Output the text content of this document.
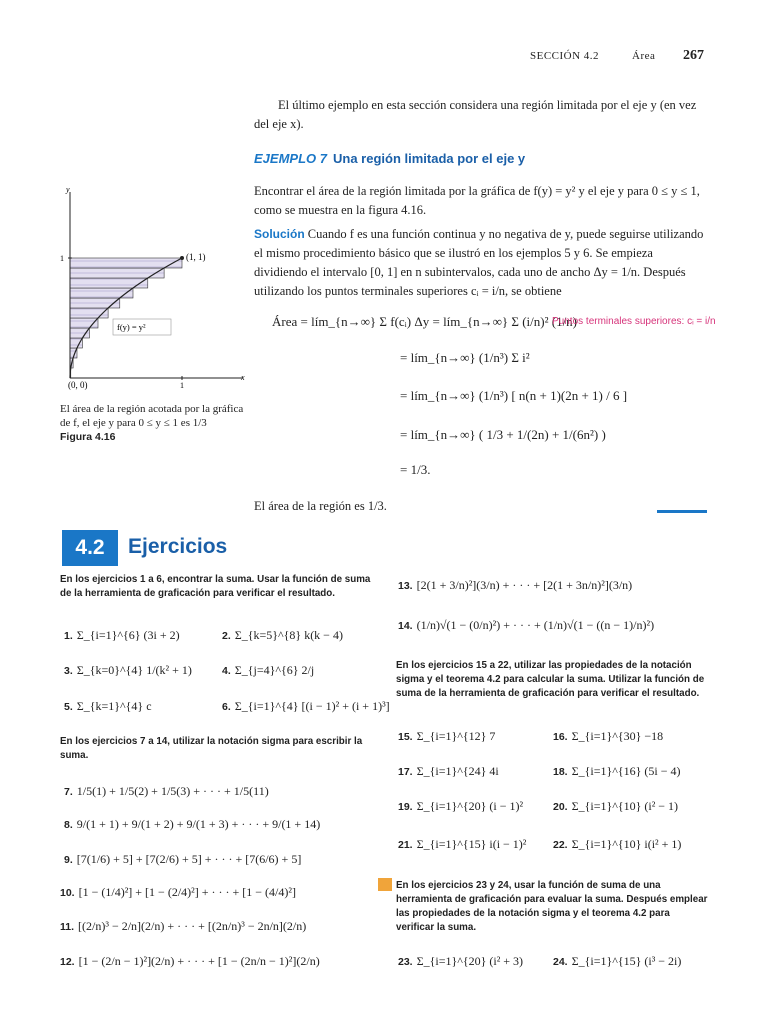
SECCIÓN 4.2	Área 267

El último ejemplo en esta sección considera una región limitada por el eje y (en vez del eje x).

EJEMPLO 7 Una región limitada por el eje y

Encontrar el área de la región limitada por la gráfica de f(y) = y² y el eje y para 0 ≤ y ≤ 1, como se muestra en la figura 4.16.

Solución Cuando f es una función continua y no negativa de y, puede seguirse utilizando el mismo procedimiento básico que se ilustró en los ejemplos 5 y 6. Se empieza dividiendo el intervalo [0, 1] en n subintervalos, cada uno de ancho Δy = 1/n. Después utilizando los puntos terminales superiores cᵢ = i/n, se obtiene
Área = lím_{n→∞} Σ f(cᵢ) Δy = lím_{n→∞} Σ (i/n)² (1/n)
Puntos terminales superiores: cᵢ = i/n
= lím_{n→∞} (1/n³) Σ i²
= lím_{n→∞} (1/n³) [ n(n + 1)(2n + 1) / 6 ]
= lím_{n→∞} ( 1/3 + 1/(2n) + 1/(6n²) )
= 1/3.
El área de la región es 1/3.
y
x
(1, 1)
(0, 0)	1
1
f(y) = y²
El área de la región acotada por la gráfica de f, el eje y para 0 ≤ y ≤ 1 es 1/3
Figura 4.16
4.2	Ejercicios

En los ejercicios 1 a 6, encontrar la suma. Usar la función de suma de la herramienta de graficación para verificar el resultado.

1. Σ_{i=1}^{6} (3i + 2)	2. Σ_{k=5}^{8} k(k − 4)
3. Σ_{k=0}^{4} 1/(k² + 1)	4. Σ_{j=4}^{6} 2/j
5. Σ_{k=1}^{4} c	6. Σ_{i=1}^{4} [(i − 1)² + (i + 1)³]

En los ejercicios 7 a 14, utilizar la notación sigma para escribir la suma.

7. 1/5(1) + 1/5(2) + 1/5(3) + · · · + 1/5(11)
8. 9/(1 + 1) + 9/(1 + 2) + 9/(1 + 3) + · · · + 9/(1 + 14)
9. [7(1/6) + 5] + [7(2/6) + 5] + · · · + [7(6/6) + 5]
10. [1 − (1/4)²] + [1 − (2/4)²] + · · · + [1 − (4/4)²]
11. [(2/n)³ − 2/n](2/n) + · · · + [(2n/n)³ − 2n/n](2/n)
12. [1 − (2/n − 1)²](2/n) + · · · + [1 − (2n/n − 1)²](2/n)
13. [2(1 + 3/n)²](3/n) + · · · + [2(1 + 3n/n)²](3/n)
14. (1/n)√(1 − (0/n)²) + · · · + (1/n)√(1 − ((n − 1)/n)²)

En los ejercicios 15 a 22, utilizar las propiedades de la notación sigma y el teorema 4.2 para calcular la suma. Utilizar la función de suma de la herramienta de graficación para verificar el resultado.

15. Σ_{i=1}^{12} 7	16. Σ_{i=1}^{30} −18
17. Σ_{i=1}^{24} 4i	18. Σ_{i=1}^{16} (5i − 4)
19. Σ_{i=1}^{20} (i − 1)²	20. Σ_{i=1}^{10} (i² − 1)
21. Σ_{i=1}^{15} i(i − 1)²	22. Σ_{i=1}^{10} i(i² + 1)

En los ejercicios 23 y 24, usar la función de suma de una herramienta de graficación para evaluar la suma. Después emplear las propiedades de la notación sigma y el teorema 4.2 para verificar la suma.

23. Σ_{i=1}^{20} (i² + 3)	24. Σ_{i=1}^{15} (i³ − 2i)
